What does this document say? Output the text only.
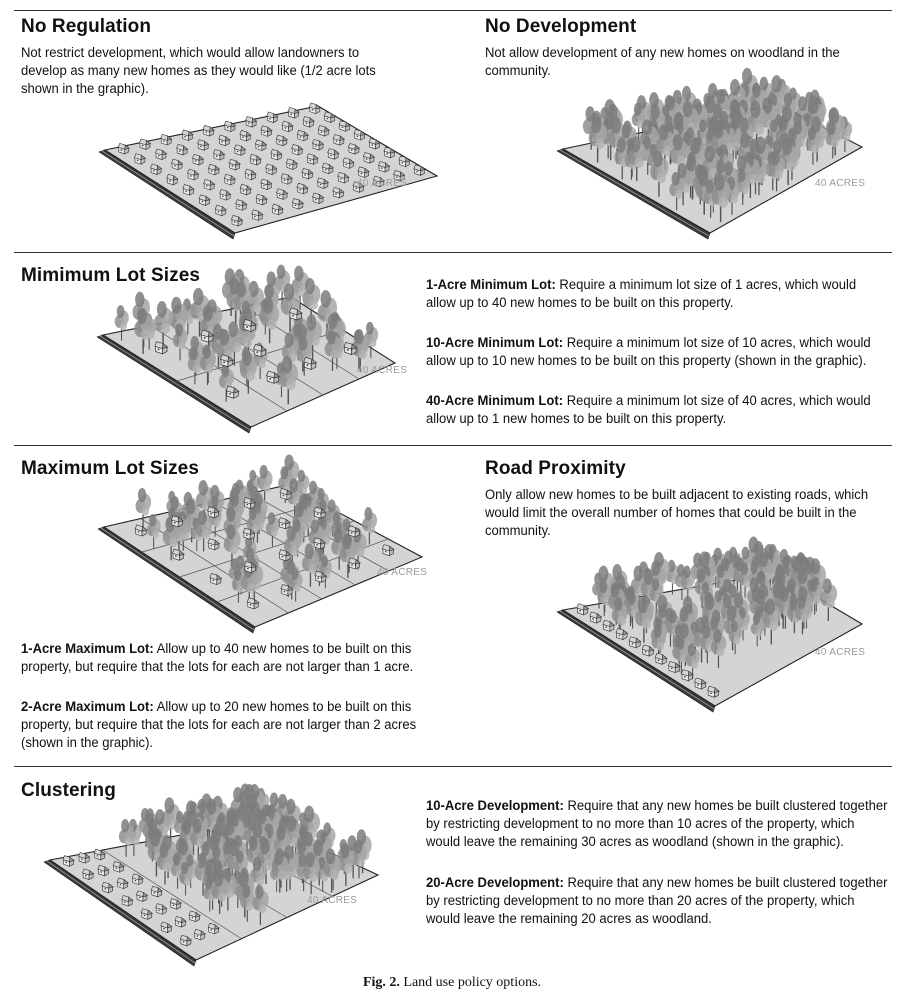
No Regulation
Not restrict development, which would allow landowners to develop as many new homes as they would like (1/2 acre lots shown in the graphic).
No Development
Not allow development of any new homes on woodland in the community.
Mimimum Lot Sizes	1-Acre Minimum Lot: Require a minimum lot size of 1 acres, which would allow up to 40 new homes to be built on this property.
10-Acre Minimum Lot: Require a minimum lot size of 10 acres, which would allow up to 10 new homes to be built on this property (shown in the graphic).
40-Acre Minimum Lot: Require a minimum lot size of 40 acres, which would allow up to 1 new homes to be built on this property.
Maximum Lot Sizes
1-Acre Maximum Lot: Allow up to 40 new homes to be built on this property, but require that the lots for each are not larger than 1 acre.
2-Acre Maximum Lot: Allow up to 20 new homes to be built on this property, but require that the lots for each are not larger than 2 acres (shown in the graphic).
Road Proximity
Only allow new homes to be built adjacent to existing roads, which would limit the overall number of homes that could be built in the community.
Clustering
10-Acre Development: Require that any new homes be built clustered together by restricting development to no more than 10 acres of the property, which would leave the remaining 30 acres as woodland (shown in the graphic).
20-Acre Development: Require that any new homes be built clustered together by restricting development to no more than 20 acres of the property, which would leave the remaining 20 acres as woodland.
40 ACRES	40 ACRES
40 ACRES
40 ACRES
40 ACRES
40 ACRES
Fig. 2. Land use policy options.
